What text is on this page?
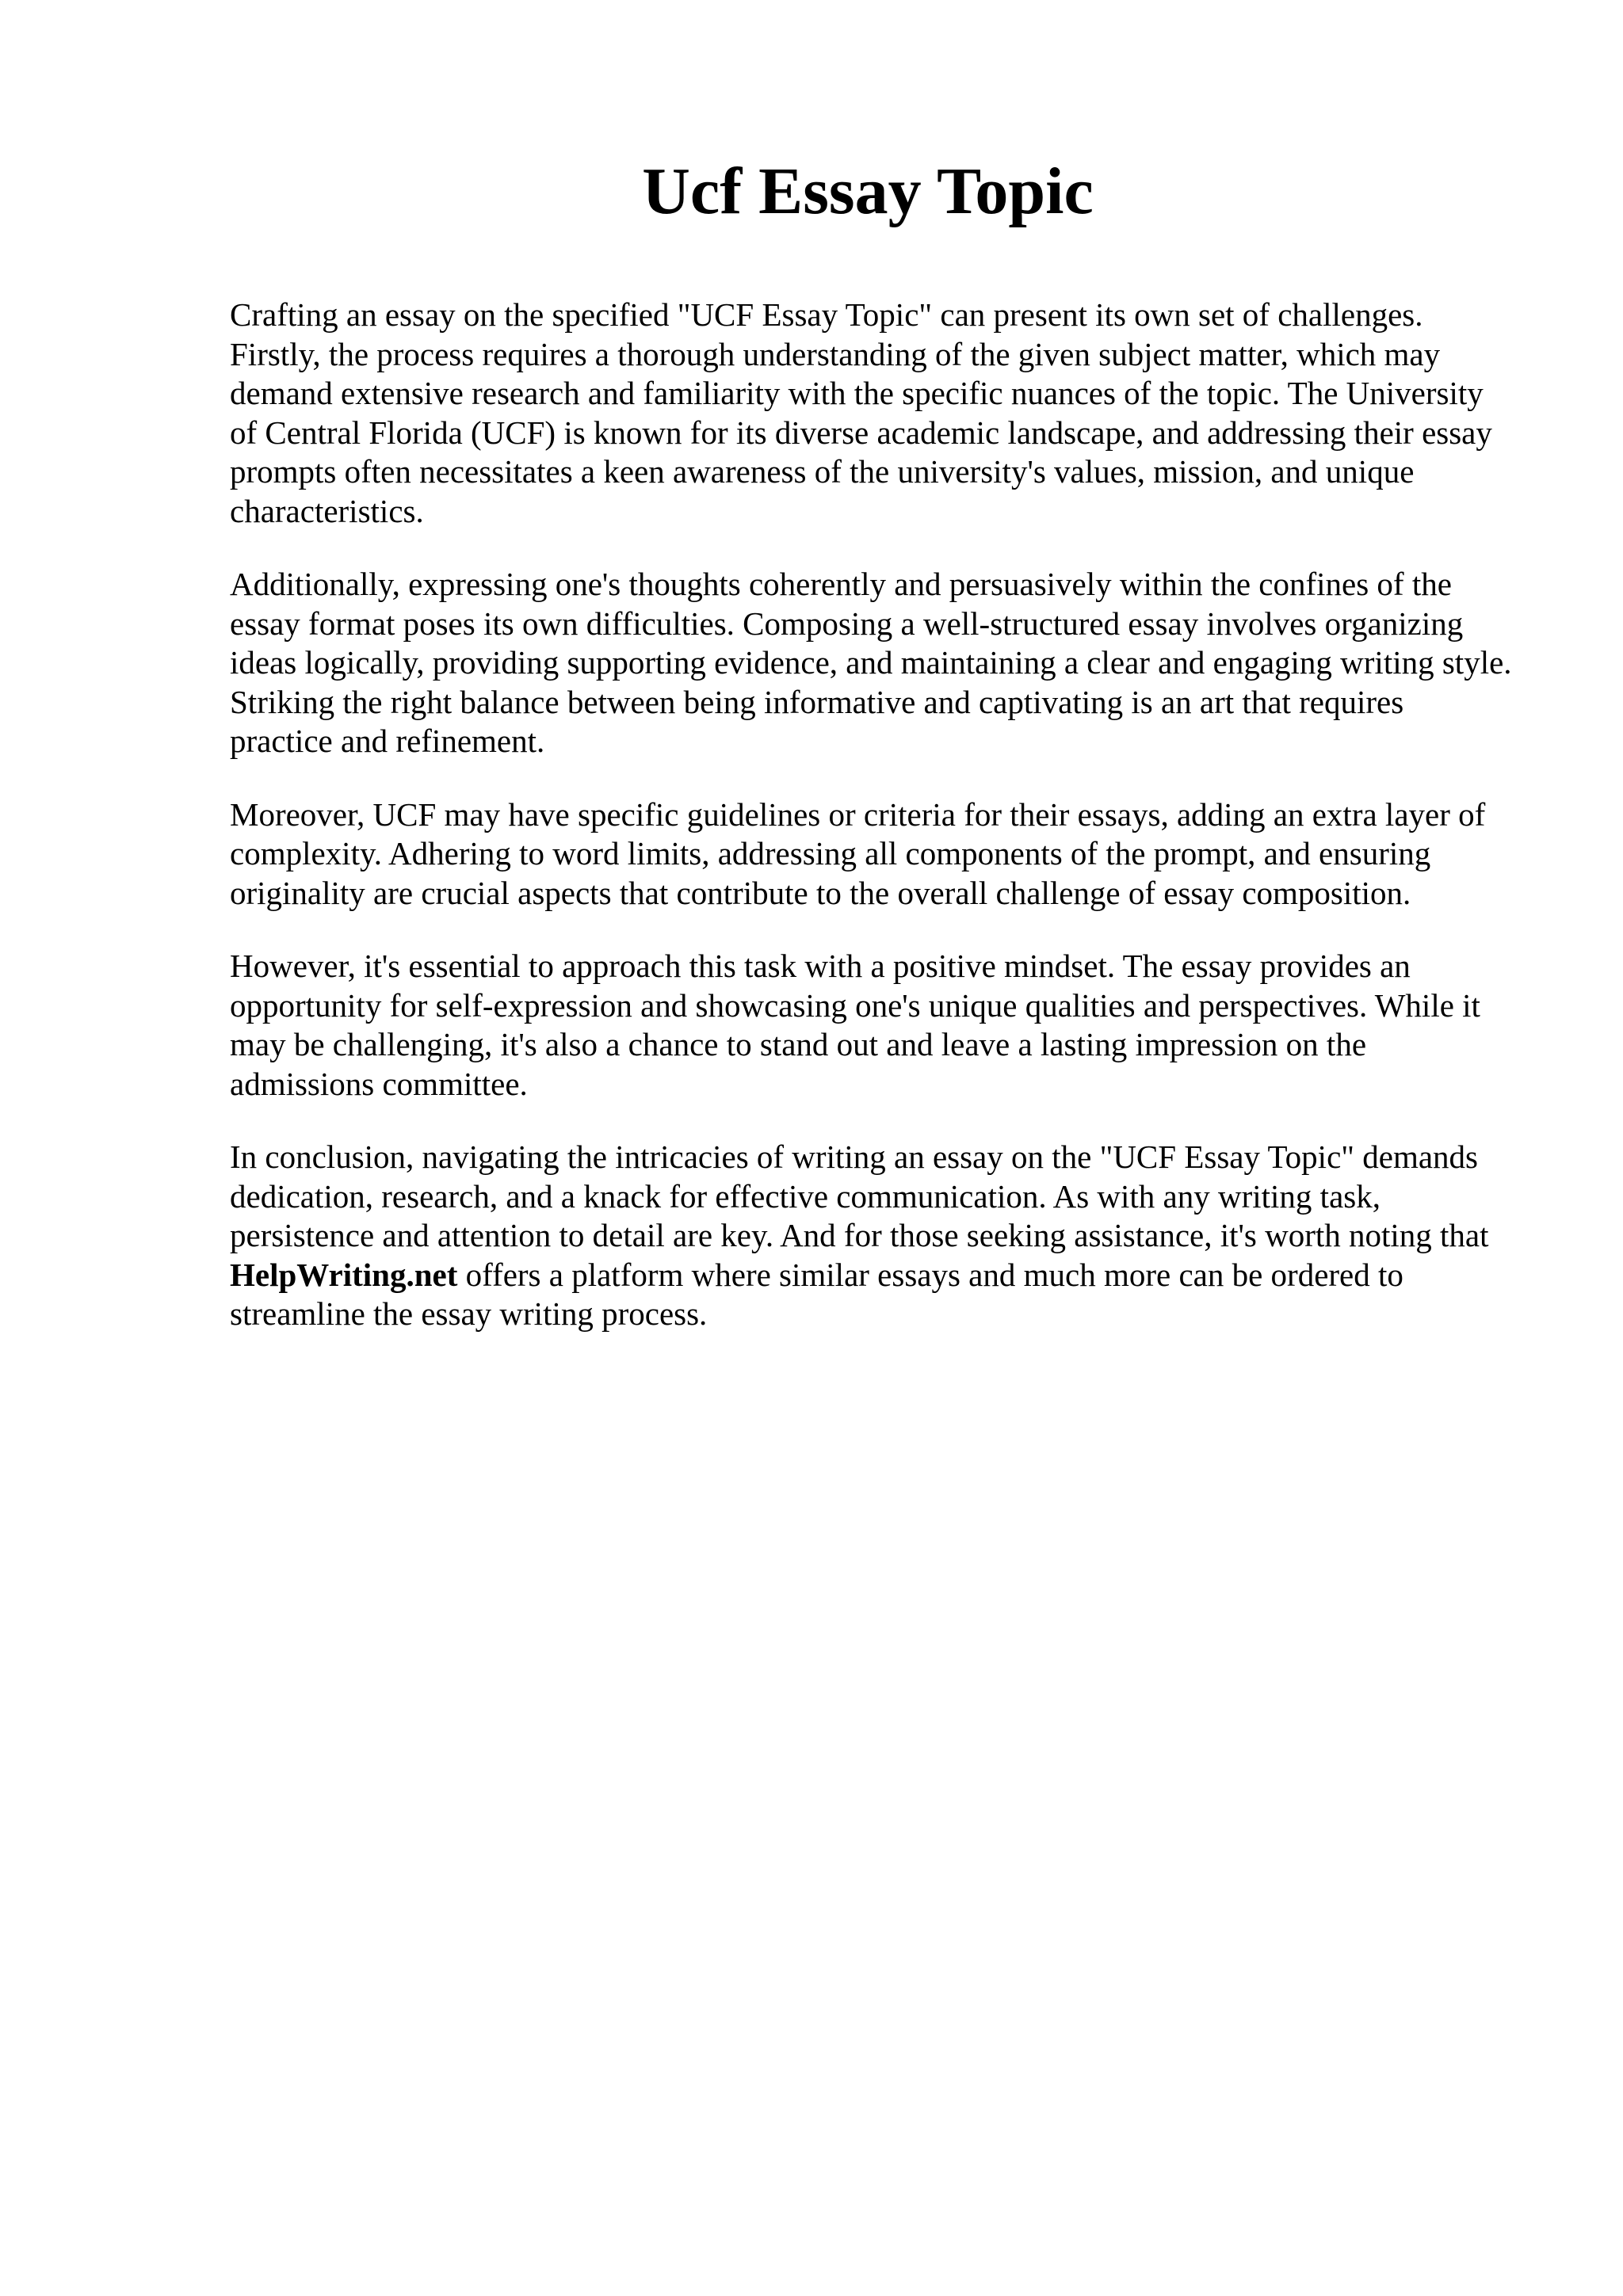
Ucf Essay Topic

Crafting an essay on the specified "UCF Essay Topic" can present its own set of challenges. Firstly, the process requires a thorough understanding of the given subject matter, which may demand extensive research and familiarity with the specific nuances of the topic. The University of Central Florida (UCF) is known for its diverse academic landscape, and addressing their essay prompts often necessitates a keen awareness of the university's values, mission, and unique characteristics.

Additionally, expressing one's thoughts coherently and persuasively within the confines of the essay format poses its own difficulties. Composing a well-structured essay involves organizing ideas logically, providing supporting evidence, and maintaining a clear and engaging writing style. Striking the right balance between being informative and captivating is an art that requires practice and refinement.

Moreover, UCF may have specific guidelines or criteria for their essays, adding an extra layer of complexity. Adhering to word limits, addressing all components of the prompt, and ensuring originality are crucial aspects that contribute to the overall challenge of essay composition.

However, it's essential to approach this task with a positive mindset. The essay provides an opportunity for self-expression and showcasing one's unique qualities and perspectives. While it may be challenging, it's also a chance to stand out and leave a lasting impression on the admissions committee.

In conclusion, navigating the intricacies of writing an essay on the "UCF Essay Topic" demands dedication, research, and a knack for effective communication. As with any writing task, persistence and attention to detail are key. And for those seeking assistance, it's worth noting that HelpWriting.net offers a platform where similar essays and much more can be ordered to streamline the essay writing process.
